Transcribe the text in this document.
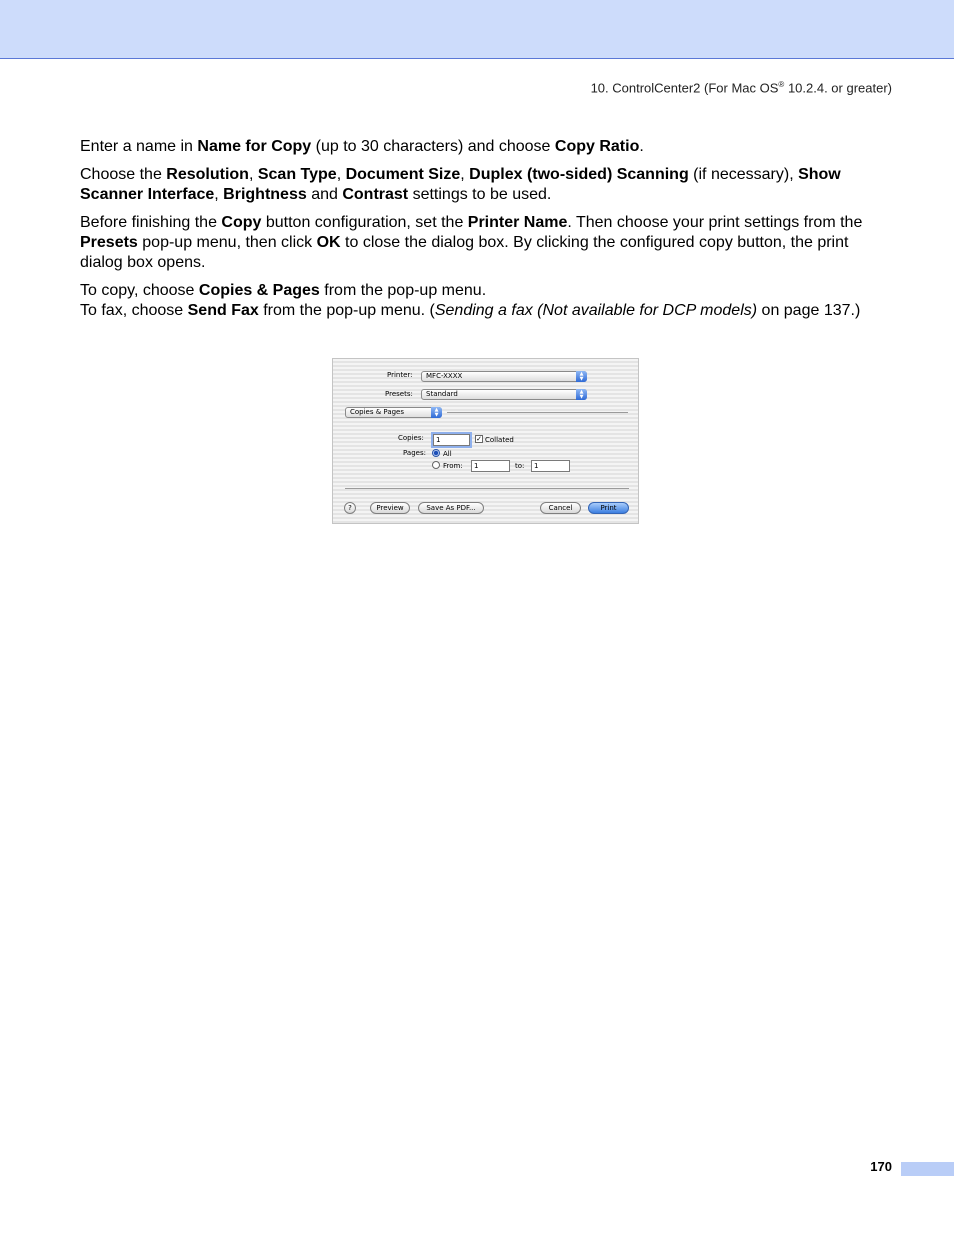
10. ControlCenter2 (For Mac OS® 10.2.4. or greater)

Enter a name in Name for Copy (up to 30 characters) and choose Copy Ratio.

Choose the Resolution, Scan Type, Document Size, Duplex (two-sided) Scanning (if necessary), Show Scanner Interface, Brightness and Contrast settings to be used.

Before finishing the Copy button configuration, set the Printer Name. Then choose your print settings from the Presets pop-up menu, then click OK to close the dialog box. By clicking the configured copy button, the print dialog box opens.

To copy, choose Copies & Pages from the pop-up menu.
To fax, choose Send Fax from the pop-up menu. (Sending a fax (Not available for DCP models) on page 137.)

Printer:	MFC-XXXX	▲
▼
Presets:	Standard	▲
▼
Copies & Pages	▲
▼
Copies:	1	✓ Collated
Pages: All
From:	1	to:	1
?	Preview	Save As PDF...	Cancel	Print
170
